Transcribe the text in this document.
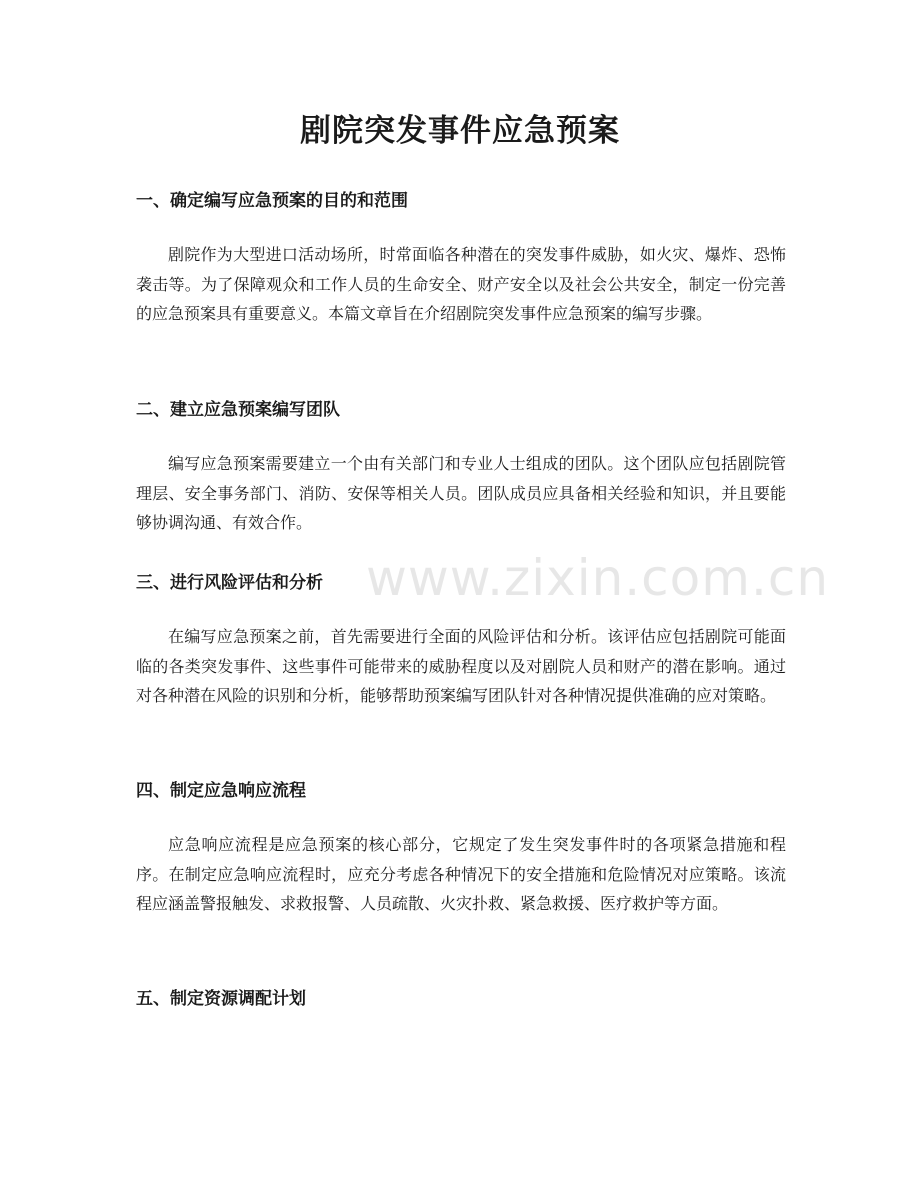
剧院突发事件应急预案
一、确定编写应急预案的目的和范围

剧院作为大型进口活动场所，时常面临各种潜在的突发事件威胁，如火灾、爆炸、恐怖袭击等。为了保障观众和工作人员的生命安全、财产安全以及社会公共安全，制定一份完善的应急预案具有重要意义。本篇文章旨在介绍剧院突发事件应急预案的编写步骤。

二、建立应急预案编写团队

编写应急预案需要建立一个由有关部门和专业人士组成的团队。这个团队应包括剧院管理层、安全事务部门、消防、安保等相关人员。团队成员应具备相关经验和知识，并且要能够协调沟通、有效合作。

三、进行风险评估和分析

在编写应急预案之前，首先需要进行全面的风险评估和分析。该评估应包括剧院可能面临的各类突发事件、这些事件可能带来的威胁程度以及对剧院人员和财产的潜在影响。通过对各种潜在风险的识别和分析，能够帮助预案编写团队针对各种情况提供准确的应对策略。

四、制定应急响应流程

应急响应流程是应急预案的核心部分，它规定了发生突发事件时的各项紧急措施和程序。在制定应急响应流程时，应充分考虑各种情况下的安全措施和危险情况对应策略。该流程应涵盖警报触发、求救报警、人员疏散、火灾扑救、紧急救援、医疗救护等方面。

五、制定资源调配计划
www.zixin.com.cn
